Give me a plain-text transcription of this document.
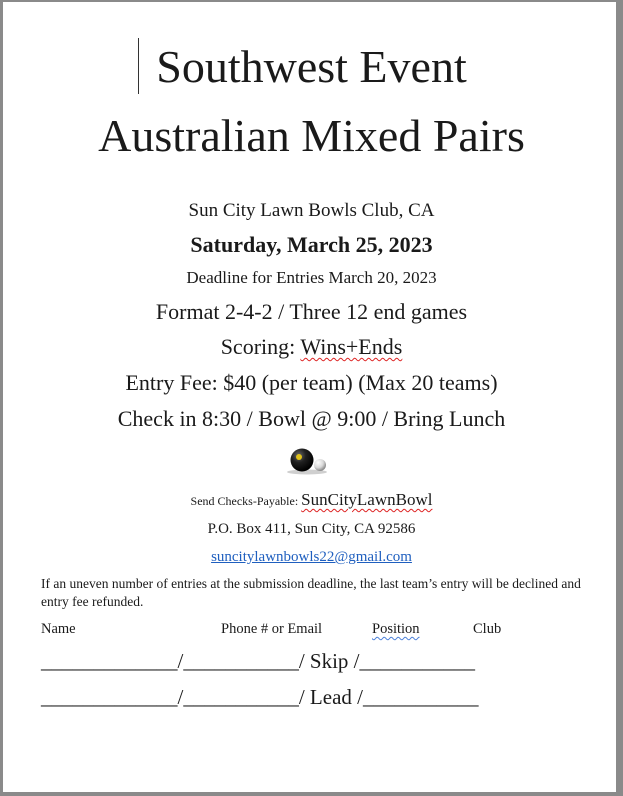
Southwest Event
Australian Mixed Pairs
Sun City Lawn Bowls Club, CA
Saturday, March 25, 2023
Deadline for Entries March 20, 2023
Format 2-4-2 / Three 12 end games
Scoring: Wins+Ends
Entry Fee: $40 (per team) (Max 20 teams)
Check in 8:30 / Bowl @ 9:00 / Bring Lunch
Send Checks-Payable: SunCityLawnBowl
P.O. Box 411, Sun City, CA 92586
suncitylawnbowls22@gmail.com
If an uneven number of entries at the submission deadline, the last team’s entry will be declined and entry fee refunded.
Name	Phone # or Email	Position	Club
_____________/___________/ Skip /___________
_____________/___________/ Lead /___________
